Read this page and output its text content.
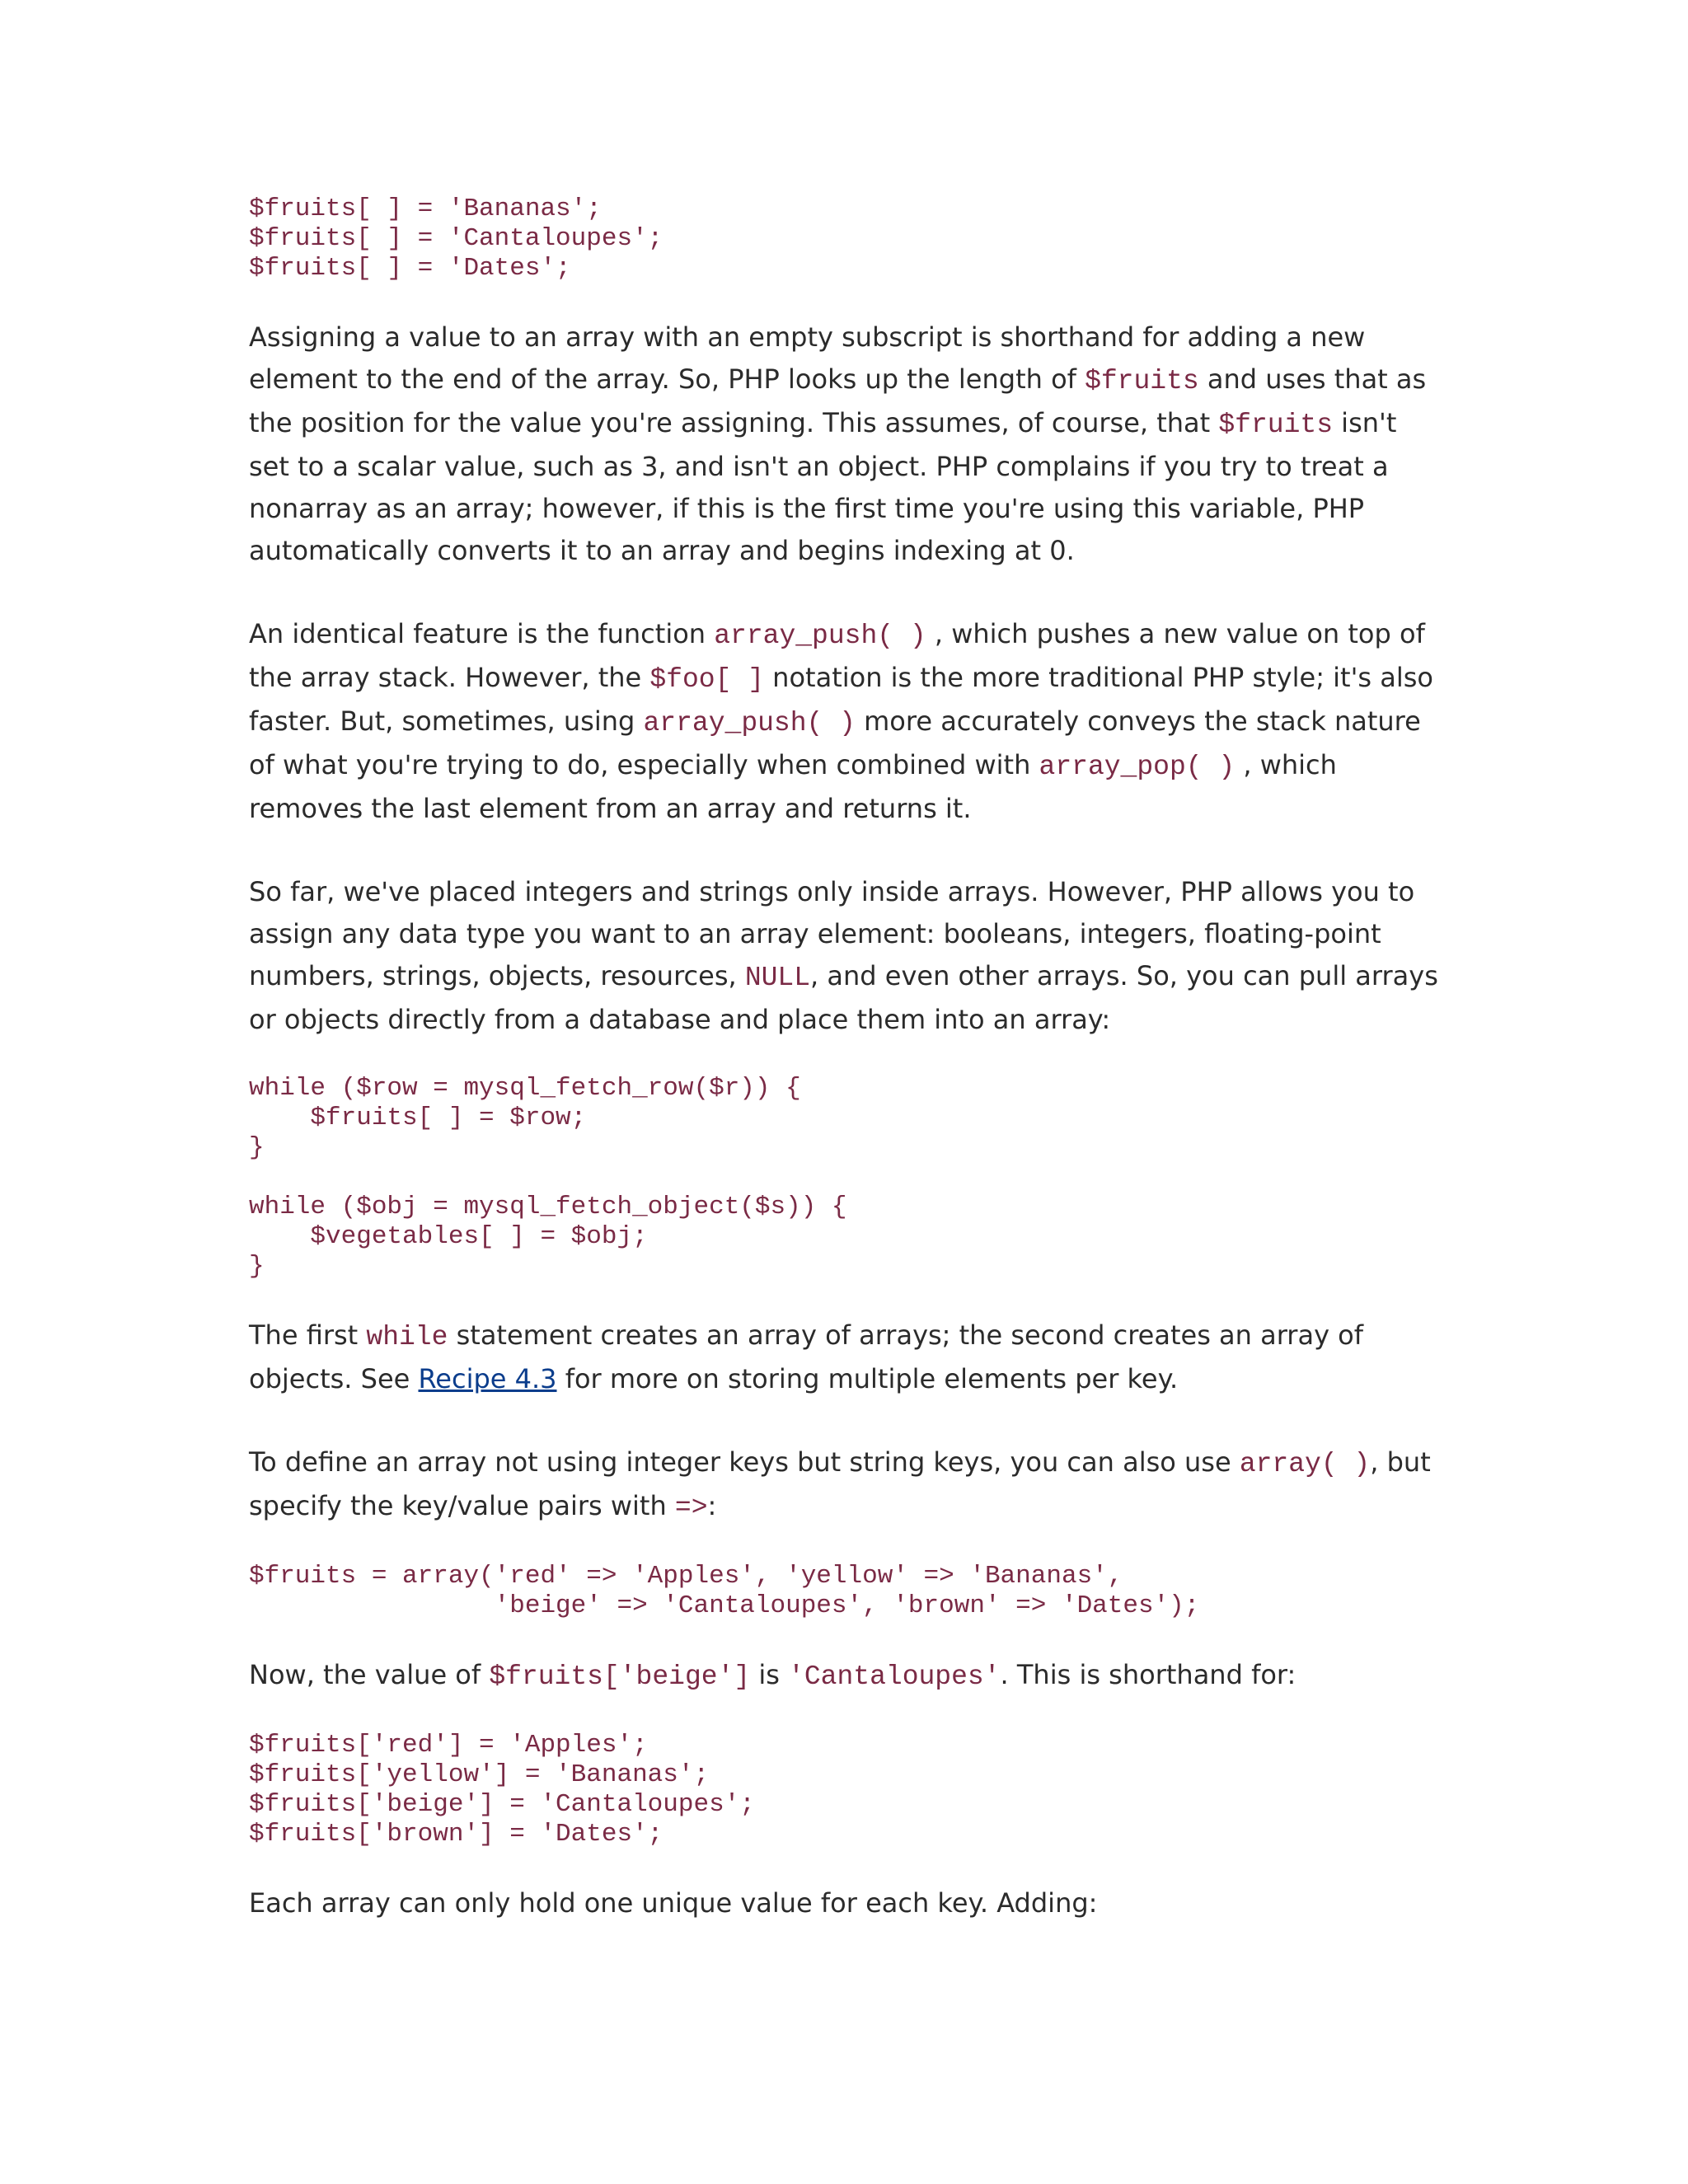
$fruits[ ] = 'Bananas';
$fruits[ ] = 'Cantaloupes';
$fruits[ ] = 'Dates';

Assigning a value to an array with an empty subscript is shorthand for adding a new element to the end of the array. So, PHP looks up the length of $fruits and uses that as the position for the value you're assigning. This assumes, of course, that $fruits isn't set to a scalar value, such as 3, and isn't an object. PHP complains if you try to treat a nonarray as an array; however, if this is the first time you're using this variable, PHP automatically converts it to an array and begins indexing at 0.

An identical feature is the function array_push( ) , which pushes a new value on top of the array stack. However, the $foo[ ] notation is the more traditional PHP style; it's also faster. But, sometimes, using array_push( ) more accurately conveys the stack nature of what you're trying to do, especially when combined with array_pop( ) , which removes the last element from an array and returns it.

So far, we've placed integers and strings only inside arrays. However, PHP allows you to assign any data type you want to an array element: booleans, integers, floating-point numbers, strings, objects, resources, NULL, and even other arrays. So, you can pull arrays or objects directly from a database and place them into an array:

while ($row = mysql_fetch_row($r)) {
$fruits[ ] = $row;
}

while ($obj = mysql_fetch_object($s)) {
$vegetables[ ] = $obj;
}

The first while statement creates an array of arrays; the second creates an array of objects. See Recipe 4.3 for more on storing multiple elements per key.

To define an array not using integer keys but string keys, you can also use array( ), but specify the key/value pairs with =>:

$fruits = array('red' => 'Apples', 'yellow' => 'Bananas',
'beige' => 'Cantaloupes', 'brown' => 'Dates');

Now, the value of $fruits['beige'] is 'Cantaloupes'. This is shorthand for:

$fruits['red'] = 'Apples';
$fruits['yellow'] = 'Bananas';
$fruits['beige'] = 'Cantaloupes';
$fruits['brown'] = 'Dates';

Each array can only hold one unique value for each key. Adding:
